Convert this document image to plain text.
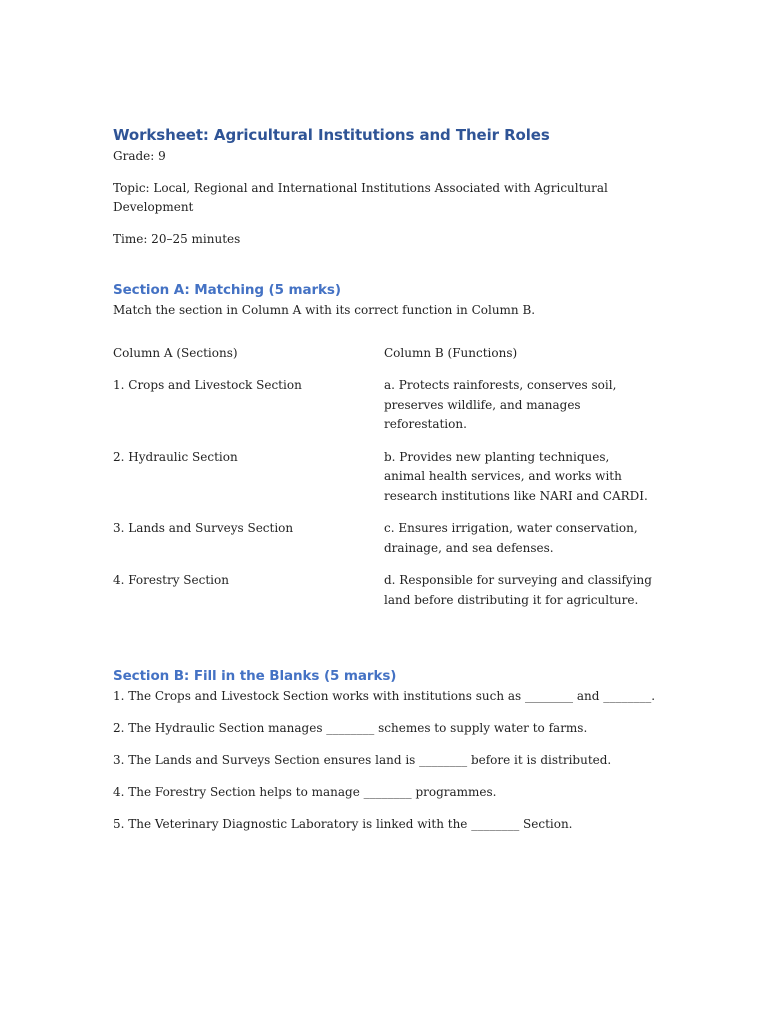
Worksheet: Agricultural Institutions and Their Roles

Grade: 9

Topic: Local, Regional and International Institutions Associated with Agricultural Development

Time: 20–25 minutes

Section A: Matching (5 marks)

Match the section in Column A with its correct function in Column B.

Column A (Sections)	Column B (Functions)
1. Crops and Livestock Section	a. Protects rainforests, conserves soil, preserves wildlife, and manages reforestation.
2. Hydraulic Section	b. Provides new planting techniques, animal health services, and works with research institutions like NARI and CARDI.
3. Lands and Surveys Section	c. Ensures irrigation, water conservation, drainage, and sea defenses.
4. Forestry Section	d. Responsible for surveying and classifying land before distributing it for agriculture.
Section B: Fill in the Blanks (5 marks)

1. The Crops and Livestock Section works with institutions such as ________ and ________.

2. The Hydraulic Section manages ________ schemes to supply water to farms.

3. The Lands and Surveys Section ensures land is ________ before it is distributed.

4. The Forestry Section helps to manage ________ programmes.

5. The Veterinary Diagnostic Laboratory is linked with the ________ Section.
